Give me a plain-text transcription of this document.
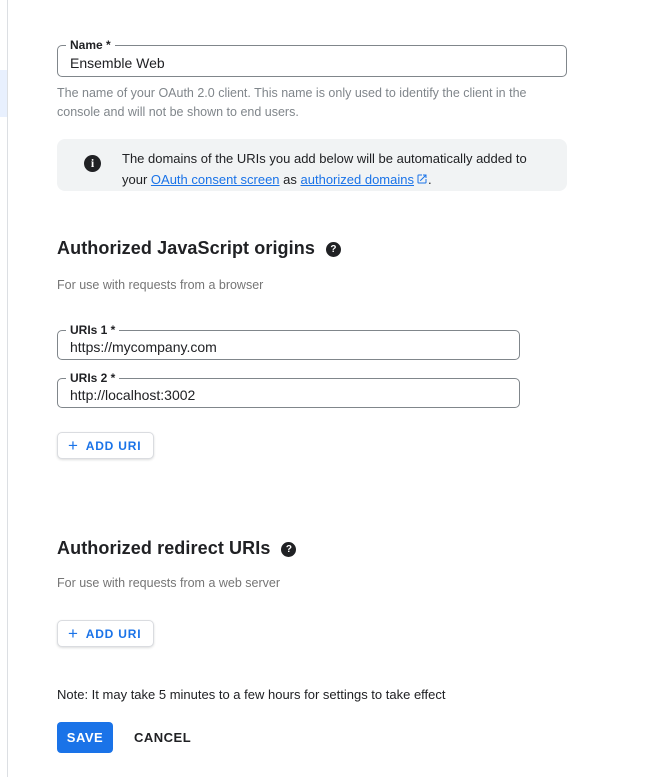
Name *
Ensemble Web
The name of your OAuth 2.0 client. This name is only used to identify the client in the console and will not be shown to end users.
i	The domains of the URIs you add below will be automatically added to
your OAuth consent screen as authorized domains .
Authorized JavaScript origins	?
For use with requests from a browser
URIs 1 *
https://mycompany.com
URIs 2 *
http://localhost:3002
+ ADD URI
Authorized redirect URIs	?
For use with requests from a web server
+ ADD URI
Note: It may take 5 minutes to a few hours for settings to take effect
SAVE	CANCEL
